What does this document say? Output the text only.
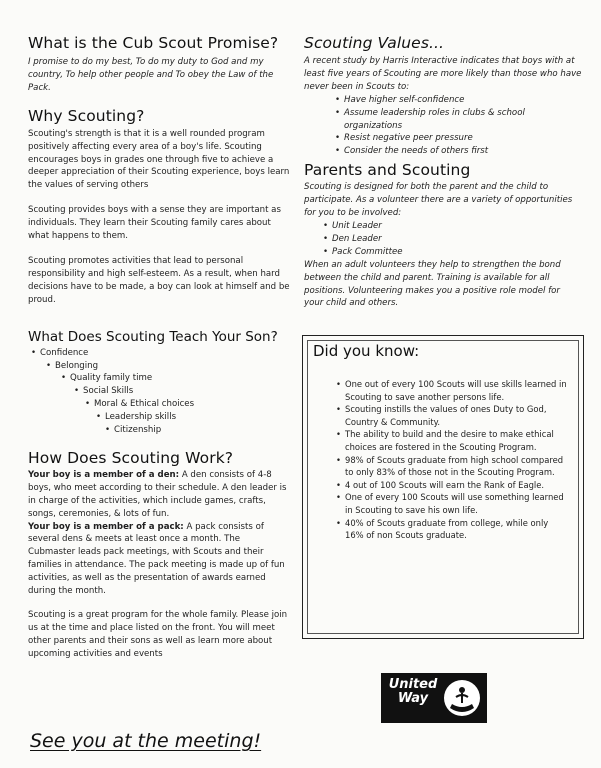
What is the Cub Scout Promise?

I promise to do my best, To do my duty to God and my country, To help other people and To obey the Law of the Pack.

Why Scouting?

Scouting's strength is that it is a well rounded program positively affecting every area of a boy's life. Scouting encourages boys in grades one through five to achieve a deeper appreciation of their Scouting experience, boys learn the values of serving others

Scouting provides boys with a sense they are important as individuals. They learn their Scouting family cares about what happens to them.

Scouting promotes activities that lead to personal responsibility and high self-esteem. As a result, when hard decisions have to be made, a boy can look at himself and be proud.

What Does Scouting Teach Your Son?
• Confidence
• Belonging
• Quality family time
• Social Skills
• Moral & Ethical choices
• Leadership skills
• Citizenship
How Does Scouting Work?

Your boy is a member of a den: A den consists of 4-8 boys, who meet according to their schedule. A den leader is in charge of the activities, which include games, crafts, songs, ceremonies, & lots of fun.

Your boy is a member of a pack: A pack consists of several dens & meets at least once a month. The Cubmaster leads pack meetings, with Scouts and their families in attendance. The pack meeting is made up of fun activities, as well as the presentation of awards earned during the month.

Scouting is a great program for the whole family. Please join us at the time and place listed on the front. You will meet other parents and their sons as well as learn more about upcoming activities and events

See you at the meeting!
Scouting Values...

A recent study by Harris Interactive indicates that boys with at least five years of Scouting are more likely than those who have never been in Scouts to:

• Have higher self-confidence
• Assume leadership roles in clubs & school organizations
• Resist negative peer pressure
• Consider the needs of others first
Parents and Scouting

Scouting is designed for both the parent and the child to participate. As a volunteer there are a variety of opportunities for you to be involved:

• Unit Leader
• Den Leader
• Pack Committee

When an adult volunteers they help to strengthen the bond between the child and parent. Training is available for all positions. Volunteering makes you a positive role model for your child and others.

Did you know:
• One out of every 100 Scouts will use skills learned in Scouting to save another persons life.
• Scouting instills the values of ones Duty to God, Country & Community.
• The ability to build and the desire to make ethical choices are fostered in the Scouting Program.
• 98% of Scouts graduate from high school compared to only 83% of those not in the Scouting Program.
• 4 out of 100 Scouts will earn the Rank of Eagle.
• One of every 100 Scouts will use something learned in Scouting to save his own life.
• 40% of Scouts graduate from college, while only 16% of non Scouts graduate.
United
Way
